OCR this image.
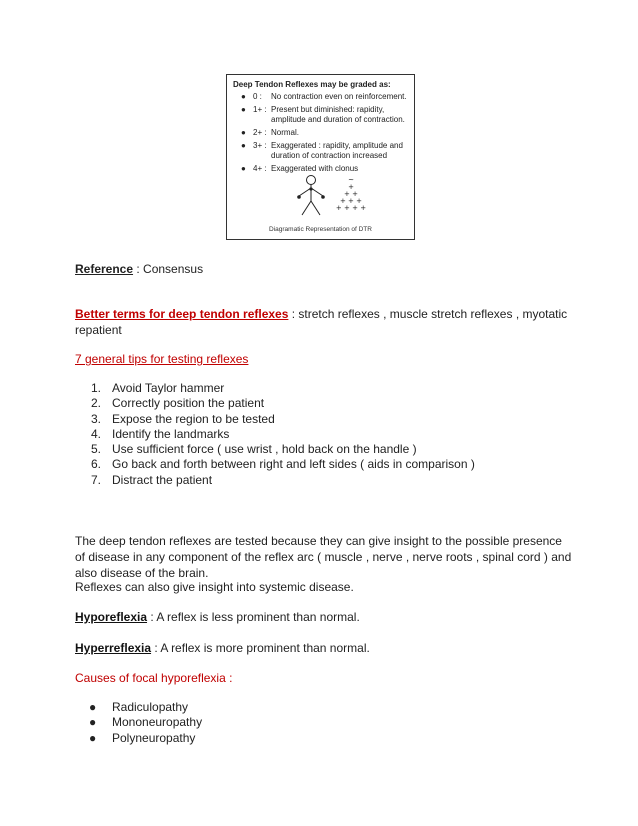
Deep Tendon Reflexes may be graded as:
● 0 : No contraction even on reinforcement.
● 1+ : Present but diminished: rapidity, amplitude and duration of contraction.
● 2+ : Normal.
● 3+ : Exaggerated : rapidity, amplitude and duration of contraction increased
● 4+ : Exaggerated with clonus
~
+
+ +
+ + +
+ + + +
Diagramatic Representation of DTR
Reference : Consensus
Better terms for deep tendon reflexes : stretch reflexes , muscle stretch reflexes , myotatic repatient
7 general tips for testing reflexes
1. Avoid Taylor hammer
2. Correctly position the patient
3. Expose the region to be tested
4. Identify the landmarks
5. Use sufficient force ( use wrist , hold back on the handle )
6. Go back and forth between right and left sides ( aids in comparison )
7. Distract the patient
The deep tendon reflexes are tested because they can give insight to the possible presence of disease in any component of the reflex arc ( muscle , nerve , nerve roots , spinal cord ) and also disease of the brain.
Reflexes can also give insight into systemic disease.
Hyporeflexia : A reflex is less prominent than normal.
Hyperreflexia : A reflex is more prominent than normal.
Causes of focal hyporeflexia :
● Radiculopathy
● Mononeuropathy
● Polyneuropathy
